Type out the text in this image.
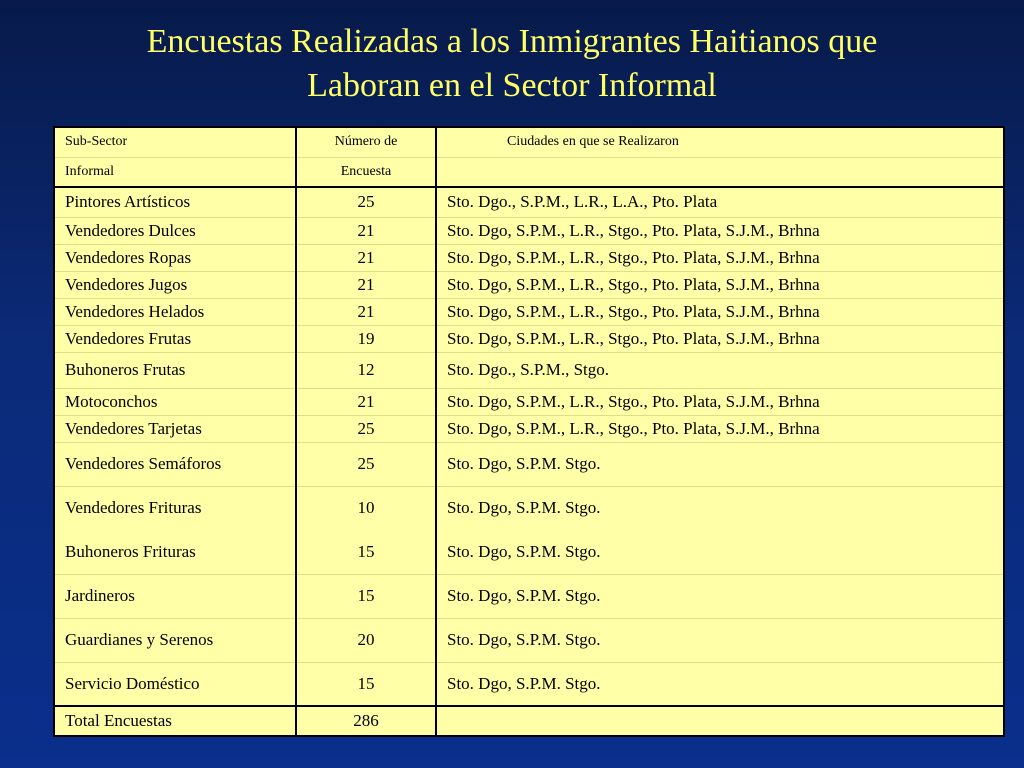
Encuestas Realizadas a los Inmigrantes Haitianos que
Laboran en el Sector Informal
Sub-Sector	Número de	Ciudades en que se Realizaron
Informal	Encuesta	
Pintores Artísticos	25	Sto. Dgo., S.P.M., L.R., L.A., Pto. Plata
Vendedores Dulces	21	Sto. Dgo, S.P.M., L.R., Stgo., Pto. Plata, S.J.M., Brhna
Vendedores Ropas	21	Sto. Dgo, S.P.M., L.R., Stgo., Pto. Plata, S.J.M., Brhna
Vendedores Jugos	21	Sto. Dgo, S.P.M., L.R., Stgo., Pto. Plata, S.J.M., Brhna
Vendedores Helados	21	Sto. Dgo, S.P.M., L.R., Stgo., Pto. Plata, S.J.M., Brhna
Vendedores Frutas	19	Sto. Dgo, S.P.M., L.R., Stgo., Pto. Plata, S.J.M., Brhna
Buhoneros Frutas	12	Sto. Dgo., S.P.M., Stgo.
Motoconchos	21	Sto. Dgo, S.P.M., L.R., Stgo., Pto. Plata, S.J.M., Brhna
Vendedores Tarjetas	25	Sto. Dgo, S.P.M., L.R., Stgo., Pto. Plata, S.J.M., Brhna
Vendedores Semáforos	25	Sto. Dgo, S.P.M. Stgo.
Vendedores Frituras	10	Sto. Dgo, S.P.M. Stgo.
Buhoneros Frituras	15	Sto. Dgo, S.P.M. Stgo.
Jardineros	15	Sto. Dgo, S.P.M. Stgo.
Guardianes y Serenos	20	Sto. Dgo, S.P.M. Stgo.
Servicio Doméstico	15	Sto. Dgo, S.P.M. Stgo.
Total Encuestas	286	
